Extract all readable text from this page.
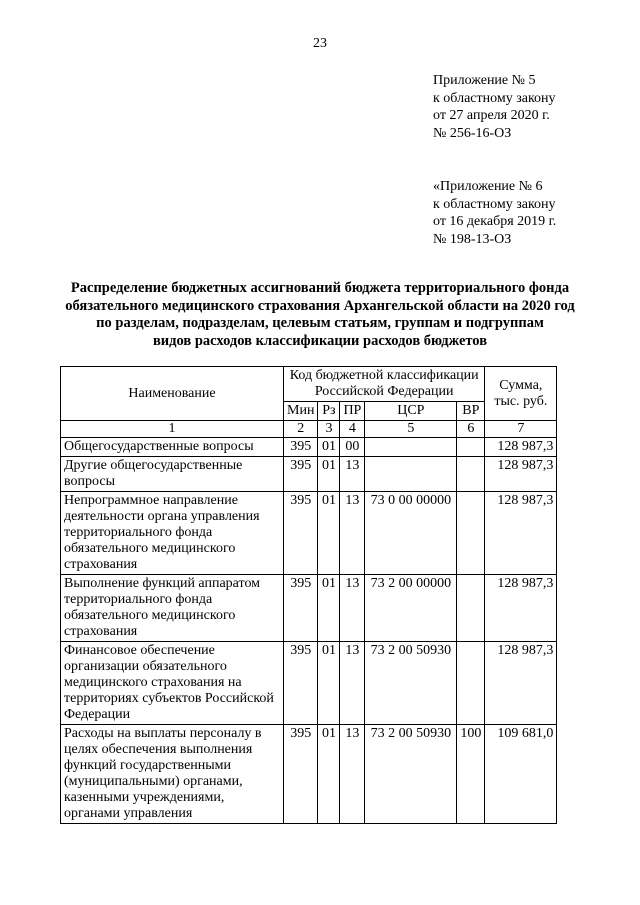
23
Приложение № 5
к областному закону
от 27 апреля 2020 г.
№ 256-16-ОЗ
«Приложение № 6
к областному закону
от 16 декабря 2019 г.
№ 198-13-ОЗ
Распределение бюджетных ассигнований бюджета территориального фонда
обязательного медицинского страхования Архангельской области на 2020 год
по разделам, подразделам, целевым статьям, группам и подгруппам
видов расходов классификации расходов бюджетов
Наименование	Код бюджетной классификации Российской Федерации					Сумма, тыс. руб.
	Мин	Рз	ПР	ЦСР	ВР	
1	2	3	4	5	6	7
Общегосударственные вопросы	395	01	00			128 987,3
Другие общегосударственные вопросы	395	01	13			128 987,3
Непрограммное направление деятельности органа управления территориального фонда обязательного медицинского страхования	395	01	13	73 0 00 00000		128 987,3
Выполнение функций аппаратом территориального фонда обязательного медицинского страхования	395	01	13	73 2 00 00000		128 987,3
Финансовое обеспечение организации обязательного медицинского страхования на территориях субъектов Российской Федерации	395	01	13	73 2 00 50930		128 987,3
Расходы на выплаты персоналу в целях обеспечения выполнения функций государственными (муниципальными) органами, казенными учреждениями, органами управления	395	01	13	73 2 00 50930	100	109 681,0
